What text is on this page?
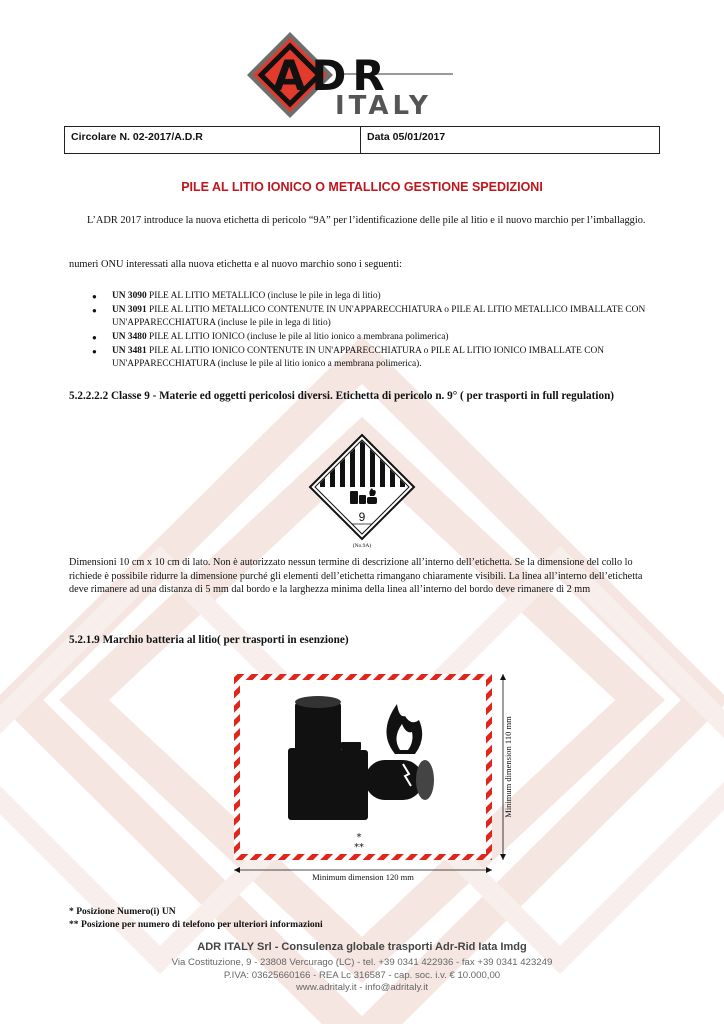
ADR
ITALY
Circolare N. 02-2017/A.D.R	Data 05/01/2017
PILE AL LITIO IONICO O METALLICO GESTIONE SPEDIZIONI
L’ADR 2017 introduce la nuova etichetta di pericolo “9A” per l’identificazione delle pile al litio e il nuovo marchio per l’imballaggio.
numeri ONU interessati alla nuova etichetta e al nuovo marchio sono i seguenti:
● UN 3090 PILE AL LITIO METALLICO (incluse le pile in lega di litio)
● UN 3091 PILE AL LITIO METALLICO CONTENUTE IN UN'APPARECCHIATURA o PILE AL LITIO METALLICO IMBALLATE CON UN'APPARECCHIATURA (incluse le pile in lega di litio)
● UN 3480 PILE AL LITIO IONICO (incluse le pile al litio ionico a membrana polimerica)
● UN 3481 PILE AL LITIO IONICO CONTENUTE IN UN'APPARECCHIATURA o PILE AL LITIO IONICO IMBALLATE CON UN'APPARECCHIATURA (incluse le pile al litio ionico a membrana polimerica).
5.2.2.2.2 Classe 9 - Materie ed oggetti pericolosi diversi. Etichetta di pericolo n. 9° ( per trasporti in full regulation)
9
(No.9A)
Dimensioni 10 cm x 10 cm di lato. Non è autorizzato nessun termine di descrizione all’interno dell’etichetta. Se la dimensione del collo lo richiede è possibile ridurre la dimensione purché gli elementi dell’etichetta rimangano chiaramente visibili. La linea all’interno dell’etichetta deve rimanere ad una distanza di 5 mm dal bordo e la larghezza minima della linea all’interno del bordo deve rimanere di 2 mm
5.2.1.9 Marchio batteria al litio( per trasporti in esenzione)
*
**
Minimum dimension 120 mm
Minimum dimension 110 mm
* Posizione Numero(i) UN
** Posizione per numero di telefono per ulteriori informazioni
ADR ITALY Srl - Consulenza globale trasporti Adr-Rid Iata Imdg
Via Costituzione, 9 - 23808 Vercurago (LC) - tel. +39 0341 422936 - fax +39 0341 423249
P.IVA: 03625660166 - REA Lc 316587 - cap. soc. i.v. € 10.000,00
www.adritaly.it - info@adritaly.it
